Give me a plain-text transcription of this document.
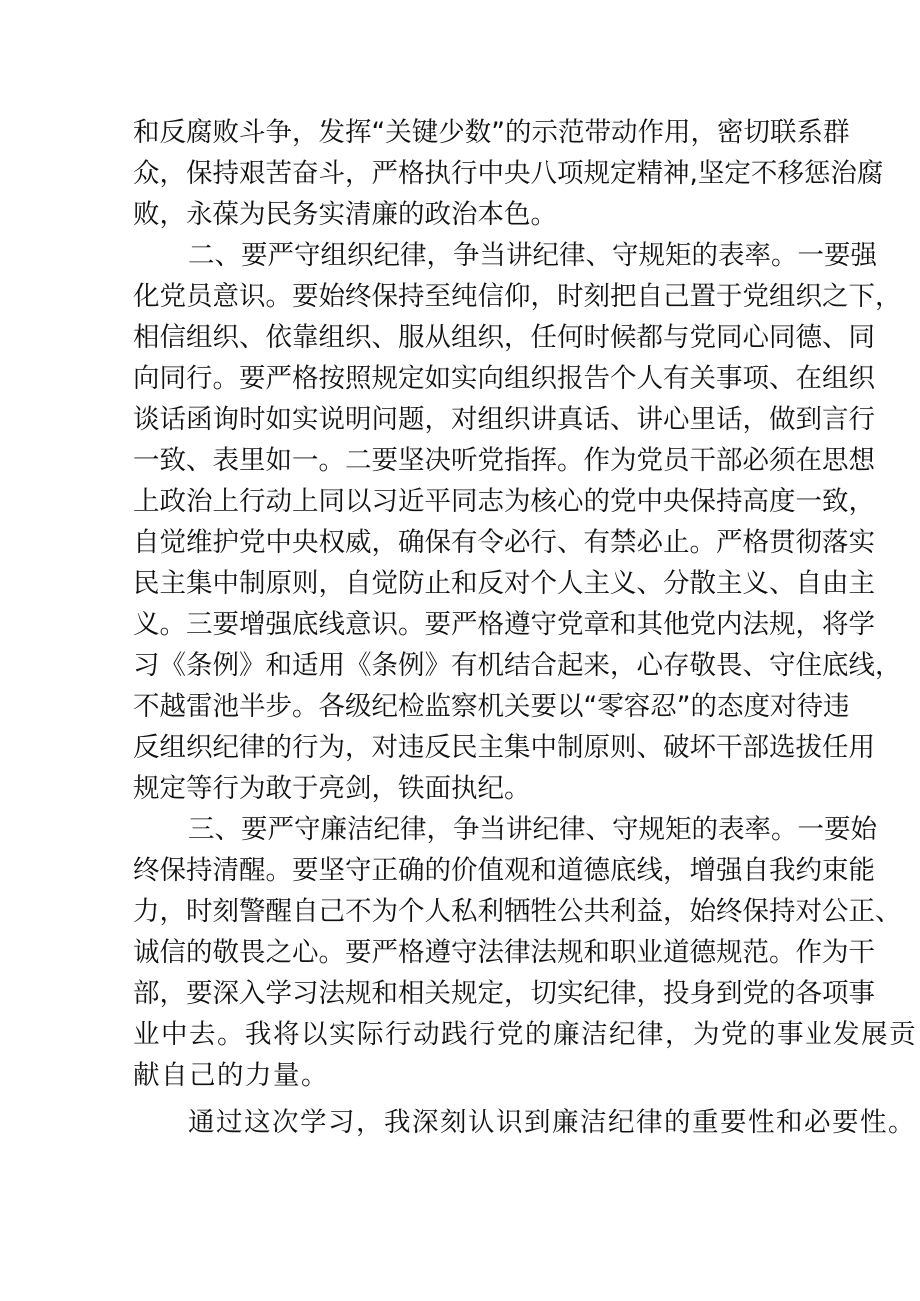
和反腐败斗争，发挥“关键少数”的示范带动作用，密切联系群
众，保持艰苦奋斗，严格执行中央八项规定精神,坚定不移惩治腐
败，永葆为民务实清廉的政治本色。
二、要严守组织纪律，争当讲纪律、守规矩的表率。一要强
化党员意识。要始终保持至纯信仰，时刻把自己置于党组织之下，
相信组织、依靠组织、服从组织，任何时候都与党同心同德、同
向同行。要严格按照规定如实向组织报告个人有关事项、在组织
谈话函询时如实说明问题，对组织讲真话、讲心里话，做到言行
一致、表里如一。二要坚决听党指挥。作为党员干部必须在思想
上政治上行动上同以习近平同志为核心的党中央保持高度一致，
自觉维护党中央权威，确保有令必行、有禁必止。严格贯彻落实
民主集中制原则，自觉防止和反对个人主义、分散主义、自由主
义。三要增强底线意识。要严格遵守党章和其他党内法规，将学
习《条例》和适用《条例》有机结合起来，心存敬畏、守住底线，
不越雷池半步。各级纪检监察机关要以“零容忍”的态度对待违
反组织纪律的行为，对违反民主集中制原则、破坏干部选拔任用
规定等行为敢于亮剑，铁面执纪。
三、要严守廉洁纪律，争当讲纪律、守规矩的表率。一要始
终保持清醒。要坚守正确的价值观和道德底线，增强自我约束能
力，时刻警醒自己不为个人私利牺牲公共利益，始终保持对公正、
诚信的敬畏之心。要严格遵守法律法规和职业道德规范。作为干
部，要深入学习法规和相关规定，切实纪律，投身到党的各项事
业中去。我将以实际行动践行党的廉洁纪律，为党的事业发展贡
献自己的力量。
通过这次学习，我深刻认识到廉洁纪律的重要性和必要性。
